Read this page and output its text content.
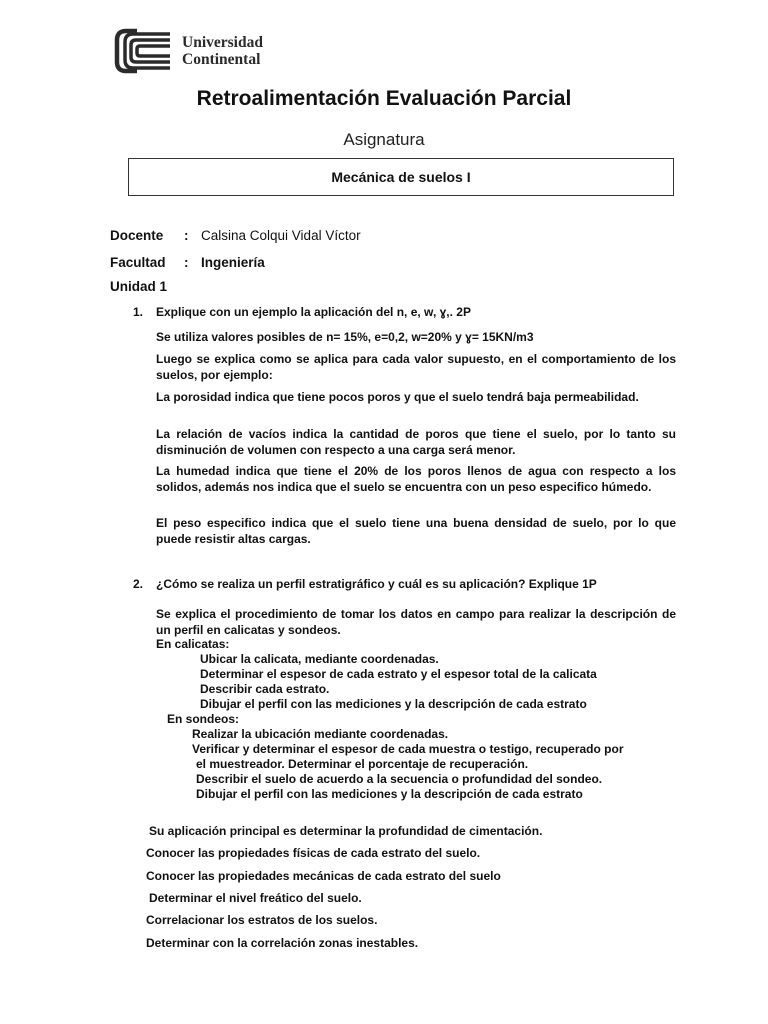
Universidad
Continental
Retroalimentación Evaluación Parcial
Asignatura
Mecánica de suelos I
Docente : Calsina Colqui Vidal Víctor
Facultad : Ingeniería
Unidad 1
1. Explique con un ejemplo la aplicación del n, e, w, ɣ,. 2P
Se utiliza valores posibles de n= 15%, e=0,2, w=20% y ɣ= 15KN/m3
Luego se explica como se aplica para cada valor supuesto, en el comportamiento de los suelos, por ejemplo:
La porosidad indica que tiene pocos poros y que el suelo tendrá baja permeabilidad.
La relación de vacíos indica la cantidad de poros que tiene el suelo, por lo tanto su disminución de volumen con respecto a una carga será menor.
La humedad indica que tiene el 20% de los poros llenos de agua con respecto a los solidos, además nos indica que el suelo se encuentra con un peso especifico húmedo.
El peso especifico indica que el suelo tiene una buena densidad de suelo, por lo que puede resistir altas cargas.
2. ¿Cómo se realiza un perfil estratigráfico y cuál es su aplicación? Explique 1P
Se explica el procedimiento de tomar los datos en campo para realizar la descripción de un perfil en calicatas y sondeos.
En calicatas:
Ubicar la calicata, mediante coordenadas.
Determinar el espesor de cada estrato y el espesor total de la calicata
Describir cada estrato.
Dibujar el perfil con las mediciones y la descripción de cada estrato
En sondeos:
Realizar la ubicación mediante coordenadas.
Verificar y determinar el espesor de cada muestra o testigo, recuperado por
el muestreador. Determinar el porcentaje de recuperación.
Describir el suelo de acuerdo a la secuencia o profundidad del sondeo.
Dibujar el perfil con las mediciones y la descripción de cada estrato
Su aplicación principal es determinar la profundidad de cimentación.
Conocer las propiedades físicas de cada estrato del suelo.
Conocer las propiedades mecánicas de cada estrato del suelo
Determinar el nivel freático del suelo.
Correlacionar los estratos de los suelos.
Determinar con la correlación zonas inestables.
